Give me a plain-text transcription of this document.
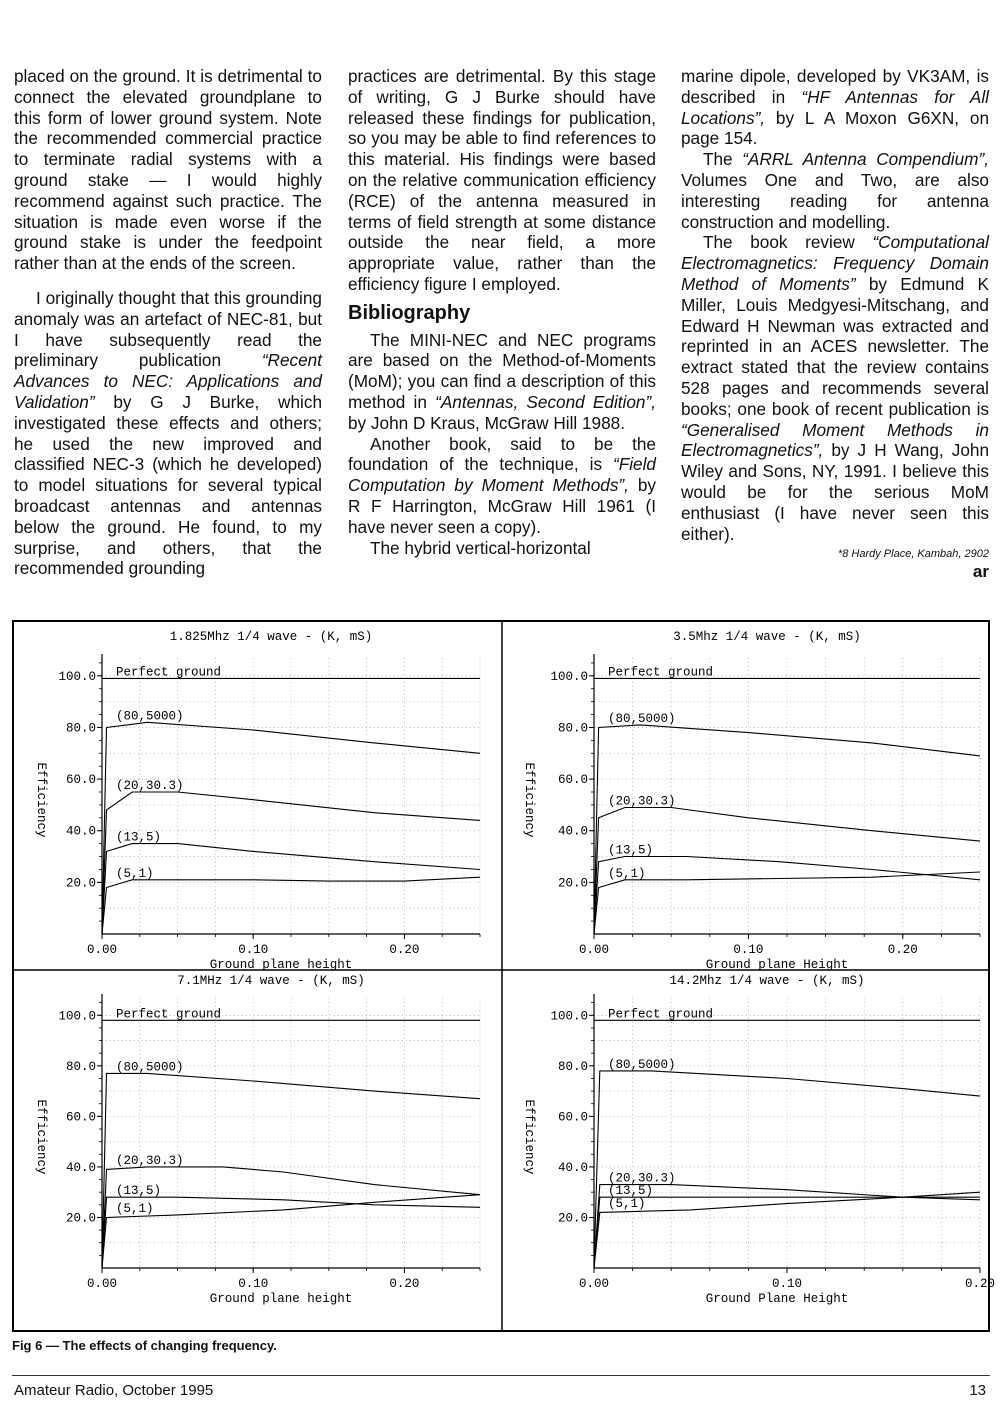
placed on the ground. It is detrimental to connect the elevated groundplane to this form of lower ground system. Note the recommended commercial practice to terminate radial systems with a ground stake — I would highly recommend against such practice. The situation is made even worse if the ground stake is under the feedpoint rather than at the ends of the screen.

I originally thought that this grounding anomaly was an artefact of NEC-81, but I have subsequently read the preliminary publication “Recent Advances to NEC: Applications and Validation” by G J Burke, which investigated these effects and others; he used the new improved and classified NEC-3 (which he developed) to model situations for several typical broadcast antennas and antennas below the ground. He found, to my surprise, and others, that the recommended grounding

practices are detrimental. By this stage of writing, G J Burke should have released these findings for publication, so you may be able to find references to this material. His findings were based on the relative communication efficiency (RCE) of the antenna measured in terms of field strength at some distance outside the near field, a more appropriate value, rather than the efficiency figure I employed.

Bibliography

The MINI-NEC and NEC programs are based on the Method-of-Moments (MoM); you can find a description of this method in “Antennas, Second Edition”, by John D Kraus, McGraw Hill 1988.

Another book, said to be the foundation of the technique, is “Field Computation by Moment Methods”, by R F Harrington, McGraw Hill 1961 (I have never seen a copy).

The hybrid vertical-horizontal

marine dipole, developed by VK3AM, is described in “HF Antennas for All Locations”, by L A Moxon G6XN, on page 154.

The “ARRL Antenna Compendium”, Volumes One and Two, are also interesting reading for antenna construction and modelling.

The book review “Computational Electromagnetics: Frequency Domain Method of Moments” by Edmund K Miller, Louis Medgyesi-Mitschang, and Edward H Newman was extracted and reprinted in an ACES newsletter. The extract stated that the review contains 528 pages and recommends several books; one book of recent publication is “Generalised Moment Methods in Electromagnetics”, by J H Wang, John Wiley and Sons, NY, 1991. I believe this would be for the serious MoM enthusiast (I have never seen this either).

*8 Hardy Place, Kambah, 2902

ar

1.825Mhz 1/4 wave - (K, mS)
20.0
40.0
60.0
80.0
100.0
0.00	0.10	0.20
Ground plane height
Efficiency
Perfect ground
(80,5000)
(20,30.3)
(13,5)
(5,1)
3.5Mhz 1/4 wave - (K, mS)
20.0
40.0
60.0
80.0
100.0
0.00	0.10	0.20
Ground plane Height
Efficiency
Perfect ground
(80,5000)
(20,30.3)
(13,5)
(5,1)
7.1MHz 1/4 wave - (K, mS)
20.0
40.0
60.0
80.0
100.0
0.00	0.10	0.20
Ground plane height
Efficiency
Perfect ground
(80,5000)
(20,30.3)
(13,5)
(5,1)
14.2Mhz 1/4 wave - (K, mS)
20.0
40.0
60.0
80.0
100.0
0.00	0.10	0.20
Ground Plane Height
Efficiency
Perfect ground
(80,5000)
(20,30.3)
(13,5)
(5,1)
Fig 6 — The effects of changing frequency.
Amateur Radio, October 1995	13
